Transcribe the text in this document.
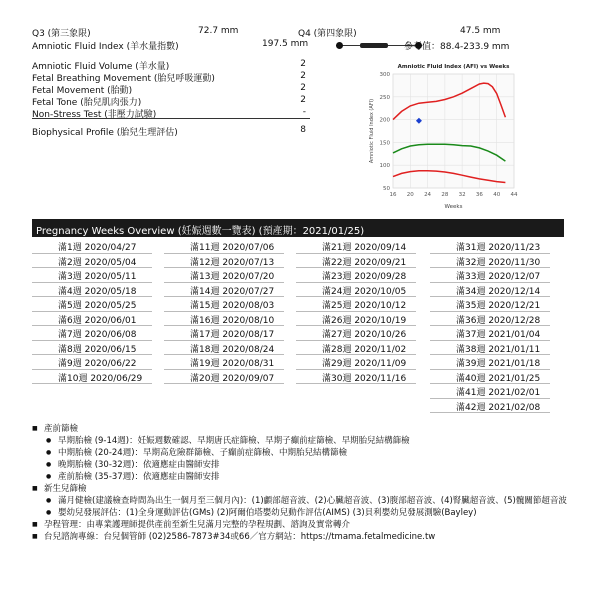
Q3 (第三象限)	72.7 mm	Q4 (第四象限)	47.5 mm
Amniotic Fluid Index (羊水量指數)	197.5 mm	參考值：88.4-233.9 mm
Amniotic Fluid Volume (羊水量)	2
Fetal Breathing Movement (胎兒呼吸運動)	2
Fetal Movement (胎動)	2
Fetal Tone (胎兒肌肉張力)	2
Non-Stress Test (非壓力試驗)	-
Biophysical Profile (胎兒生理評估)	8
50
100
150
200
250
300
16 20 24 28 32 36 40 44
Amniotic Fluid Index (AFI) vs Weeks
Weeks
Amniotic Fluid Index (AFI)
Pregnancy Weeks Overview (妊娠週數一覽表) (預產期：2021/01/25)
滿1週 2020/04/27
滿2週 2020/05/04
滿3週 2020/05/11
滿4週 2020/05/18
滿5週 2020/05/25
滿6週 2020/06/01
滿7週 2020/06/08
滿8週 2020/06/15
滿9週 2020/06/22
滿10週 2020/06/29
滿11週 2020/07/06
滿12週 2020/07/13
滿13週 2020/07/20
滿14週 2020/07/27
滿15週 2020/08/03
滿16週 2020/08/10
滿17週 2020/08/17
滿18週 2020/08/24
滿19週 2020/08/31
滿20週 2020/09/07
滿21週 2020/09/14
滿22週 2020/09/21
滿23週 2020/09/28
滿24週 2020/10/05
滿25週 2020/10/12
滿26週 2020/10/19
滿27週 2020/10/26
滿28週 2020/11/02
滿29週 2020/11/09
滿30週 2020/11/16
滿31週 2020/11/23
滿32週 2020/11/30
滿33週 2020/12/07
滿34週 2020/12/14
滿35週 2020/12/21
滿36週 2020/12/28
滿37週 2021/01/04
滿38週 2021/01/11
滿39週 2021/01/18
滿40週 2021/01/25
滿41週 2021/02/01
滿42週 2021/02/08
■ 產前篩檢
● 早期胎檢 (9-14週)：妊娠週數確認、早期唐氏症篩檢、早期子癲前症篩檢、早期胎兒結構篩檢
● 中期胎檢 (20-24週)：早期高危險群篩檢、子癲前症篩檢、中期胎兒結構篩檢
● 晚期胎檢 (30-32週)：依適應症由醫師安排
● 產前胎檢 (35-37週)：依適應症由醫師安排
■ 新生兒篩檢
● 滿月健檢(建議檢查時間為出生一個月至三個月內)：(1)顱部超音波、(2)心臟超音波、(3)腹部超音波、(4)腎臟超音波、(5)髖關節超音波
● 嬰幼兒發展評估：(1)全身運動評估(GMs) (2)阿爾伯塔嬰幼兒動作評估(AIMS) (3)貝利嬰幼兒發展測驗(Bayley)
■ 孕程管理：由專業護理師提供產前至新生兒滿月完整的孕程規劃、諮詢及實常轉介
■ 台兒諮詢專線：台兒個管師 (02)2586-7873#34或66／官方網站：https://tmama.fetalmedicine.tw
